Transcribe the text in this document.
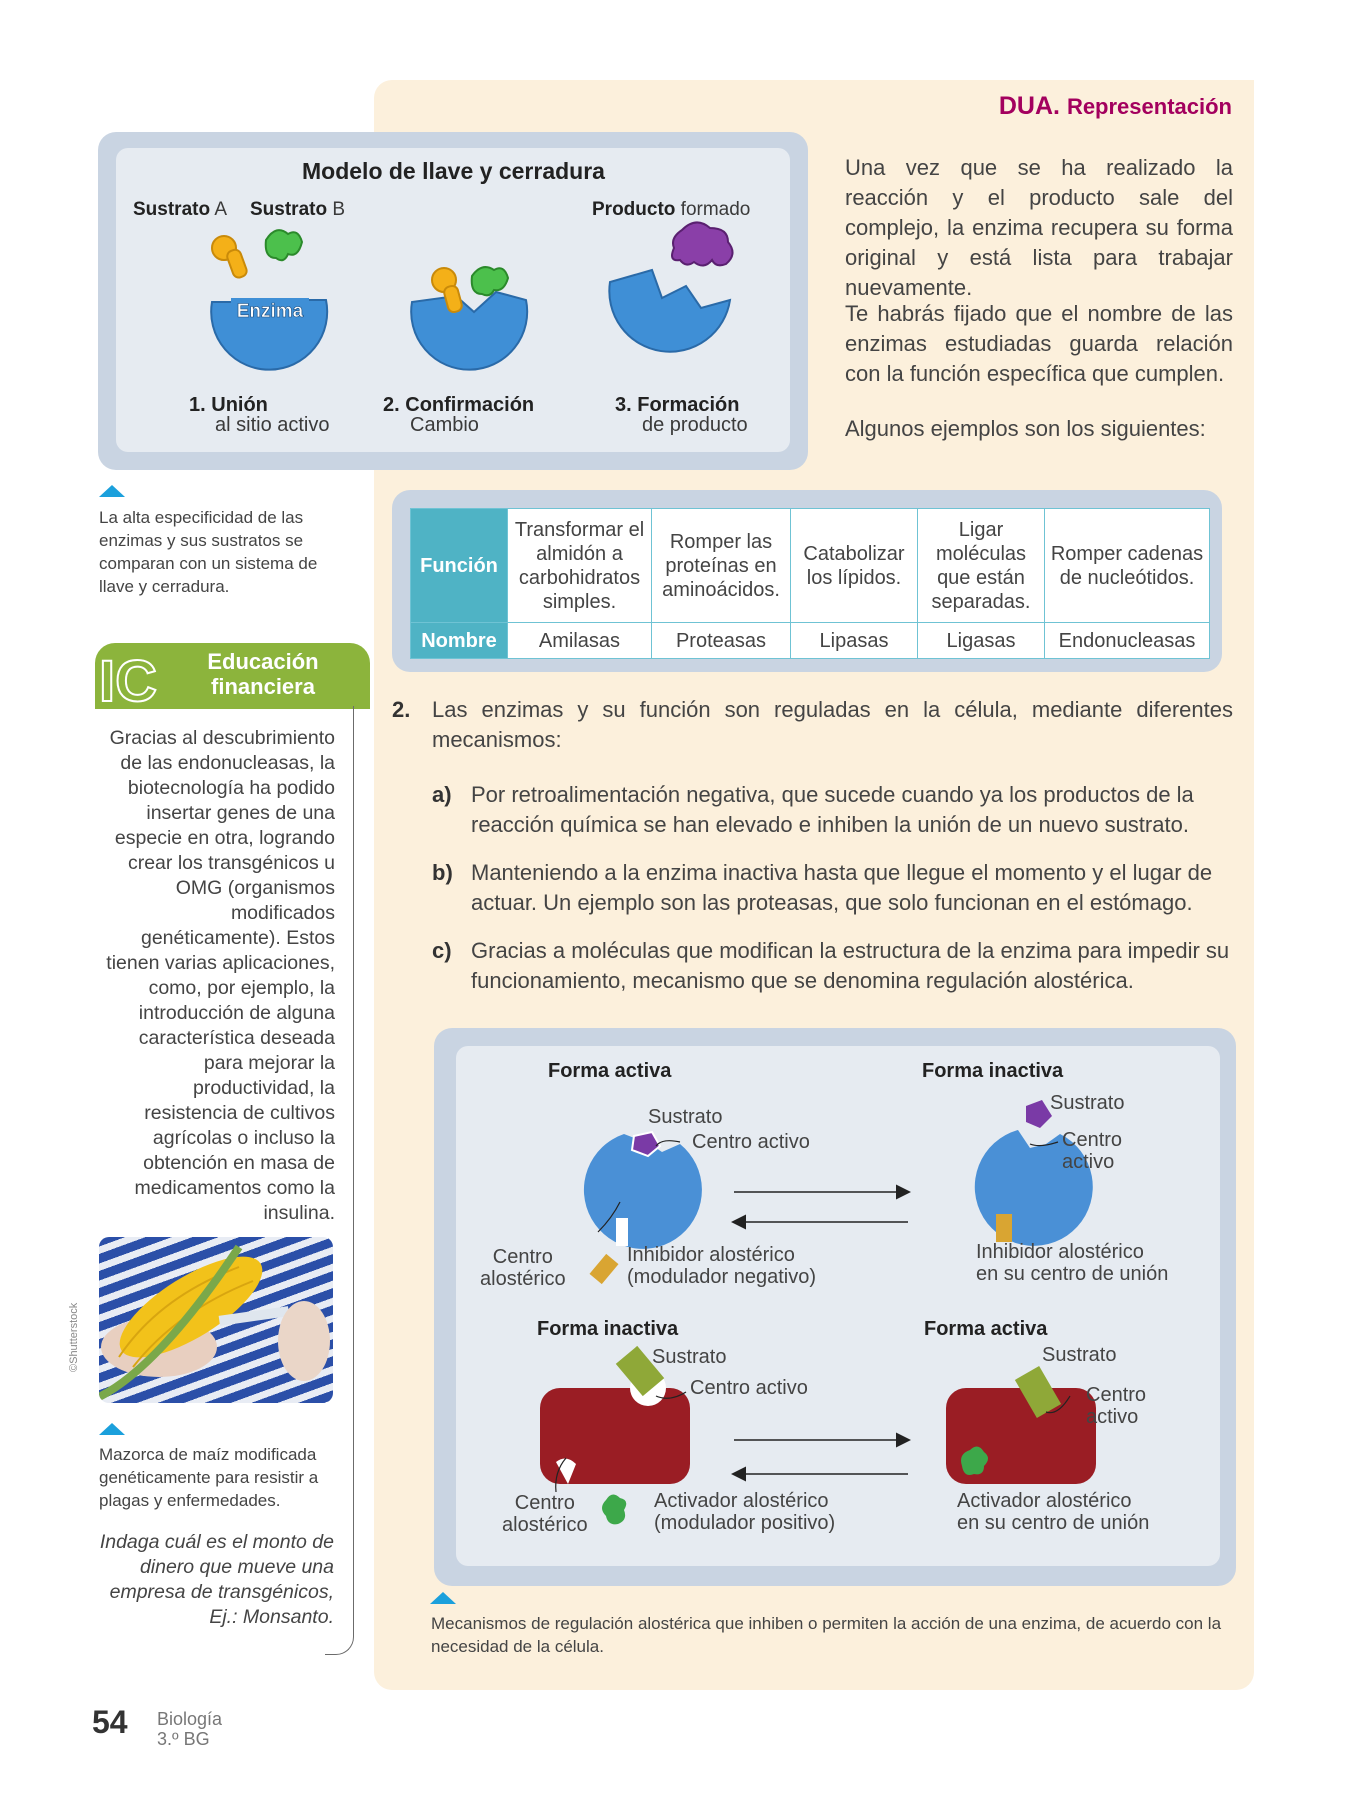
DUA. Representación
Modelo de llave y cerradura
Sustrato A Sustrato B	Producto formado
Enzima
1. Unión
al sitio activo
2. Confirmación
Cambio
3. Formación
de producto
La alta especificidad de las enzimas y sus sustratos se comparan con un sistema de llave y cerradura.
Una vez que se ha realizado la reacción y el producto sale del complejo, la enzima recupera su forma original y está lista para trabajar nuevamente.
Te habrás fijado que el nombre de las enzimas estudiadas guarda relación con la función específica que cumplen.
Algunos ejemplos son los siguientes:
Función	Transformar el almidón a carbohidratos simples.	Romper las proteínas en aminoácidos.	Catabolizar los lípidos.	Ligar moléculas que están separadas.	Romper cadenas de nucleótidos.
Nombre	Amilasas	Proteasas	Lipasas	Ligasas	Endonucleasas
2. Las enzimas y su función son reguladas en la célula, mediante diferentes mecanismos:
a) Por retroalimentación negativa, que sucede cuando ya los productos de la reacción química se han elevado e inhiben la unión de un nuevo sustrato.
b) Manteniendo a la enzima inactiva hasta que llegue el momento y el lugar de actuar. Un ejemplo son las proteasas, que solo funcionan en el estómago.
c) Gracias a moléculas que modifican la estructura de la enzima para impedir su funcionamiento, mecanismo que se denomina regulación alostérica.
Forma activa	Forma inactiva
Sustrato
Centro activo
Sustrato
Centro
activo
Centro
alostérico
Inhibidor alostérico
(modulador negativo)
Inhibidor alostérico
en su centro de unión
Forma inactiva	Forma activa
Sustrato
Centro activo
Sustrato
Centro
activo
Centro
alostérico
Activador alostérico
(modulador positivo)
Activador alostérico
en su centro de unión
Mecanismos de regulación alostérica que inhiben o permiten la acción de una enzima, de acuerdo con la necesidad de la célula.
IC	Educación
financiera
Gracias al descubrimiento de las endonucleasas, la biotecnología ha podido insertar genes de una especie en otra, logrando crear los transgénicos u OMG (organismos modificados genéticamente). Estos tienen varias aplicaciones, como, por ejemplo, la introducción de alguna característica deseada para mejorar la productividad, la resistencia de cultivos agrícolas o incluso la obtención en masa de medicamentos como la insulina.
©Shutterstock
Mazorca de maíz modificada genéticamente para resistir a plagas y enfermedades.
Indaga cuál es el monto de dinero que mueve una empresa de transgénicos, Ej.: Monsanto.
54 Biología
3.º BG
